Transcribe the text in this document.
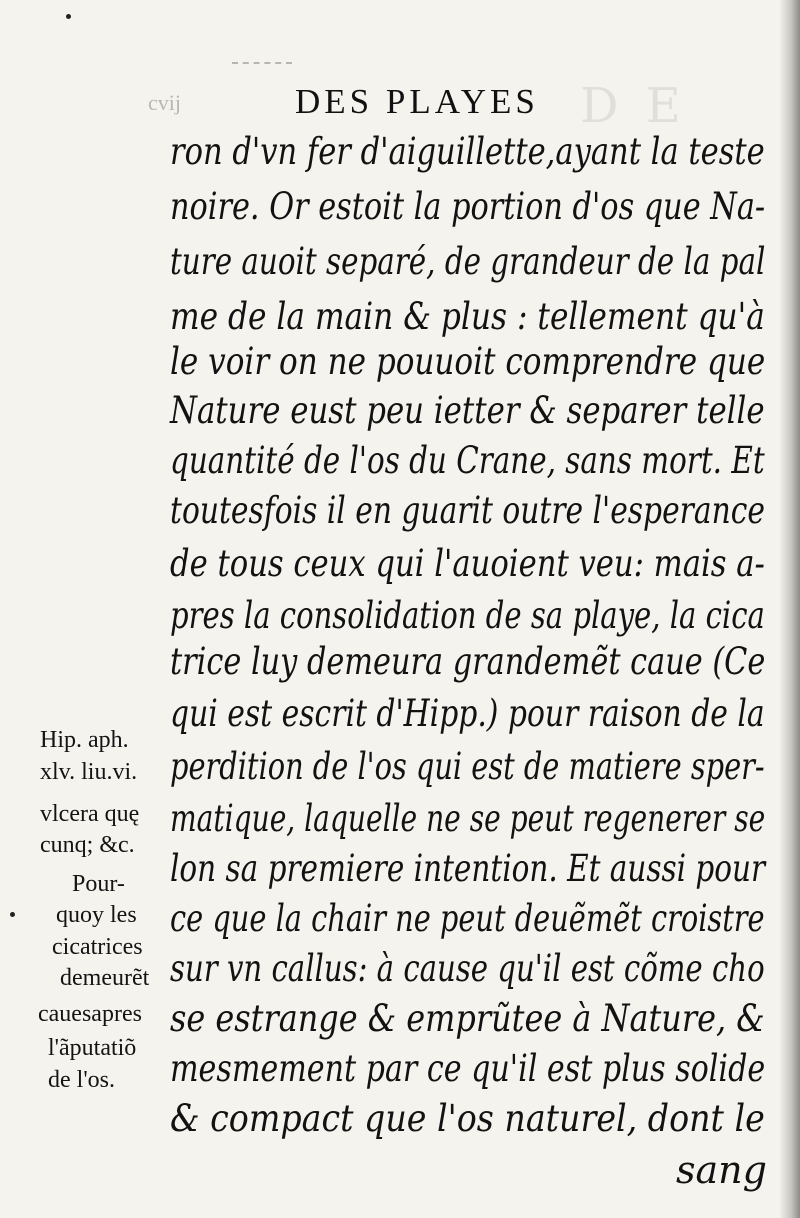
D E
cvij	DES PLAYES
ron d'vn fer d'aiguillette,ayant la teste
noire. Or estoit la portion d'os que Na-
ture auoit separé, de grandeur de la pal
me de la main & plus : tellement qu'à
le voir on ne pouuoit comprendre que
Nature eust peu ietter & separer telle
quantité de l'os du Crane, sans mort. Et
toutesfois il en guarit outre l'esperance
de tous ceux qui l'auoient veu: mais a-
pres la consolidation de sa playe, la cica
trice luy demeura grandemẽt caue (Ce
qui est escrit d'Hipp.) pour raison de la
perdition de l'os qui est de matiere sper-
matique, laquelle ne se peut regenerer se
lon sa premiere intention. Et aussi pour
ce que la chair ne peut deuẽmẽt croistre
sur vn callus: à cause qu'il est cõme cho
se estrange & emprũtee à Nature, &
mesmement par ce qu'il est plus solide
& compact que l'os naturel, dont le
Hip. aph.
xlv. liu.vi.
vlcera quę
cunq; &c.
Pour-
quoy les
cicatrices
demeurẽt
cauesapres
l'ãputatiõ
de l'os.
sang
